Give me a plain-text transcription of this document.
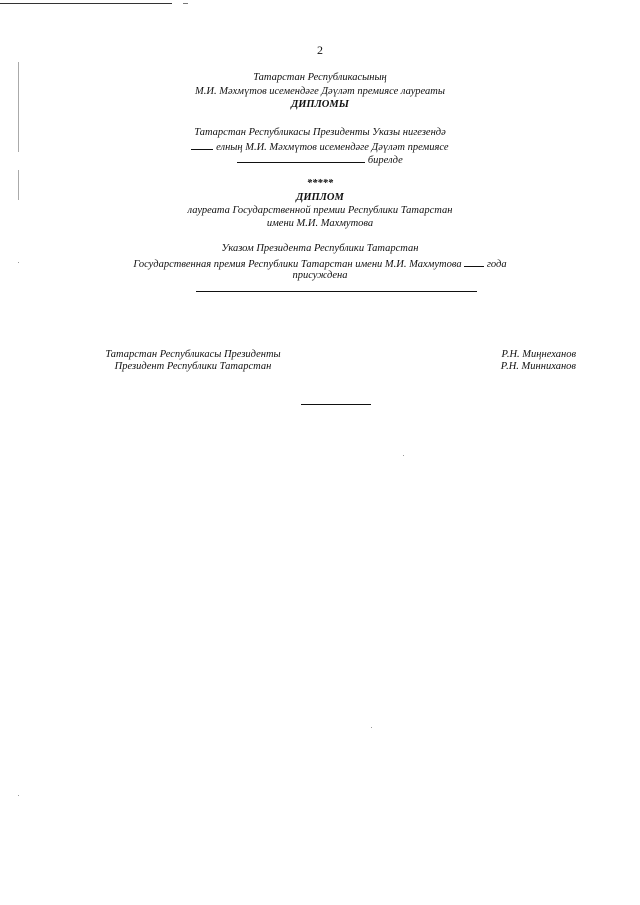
2
Татарстан Республикасының
М.И. Мәхмүтов исемендәге Дәүләт премиясе лауреаты
ДИПЛОМЫ
Татарстан Республикасы Президенты Указы нигезендә
елның М.И. Мәхмүтов исемендәге Дәүләт премиясе
бирелде
*****
ДИПЛОМ
лауреата Государственной премии Республики Татарстан
имени М.И. Махмутова
Указом Президента Республики Татарстан
Государственная премия Республики Татарстан имени М.И. Махмутова года
присуждена
Татарстан Республикасы Президенты
Президент Республики Татарстан
Р.Н. Миңнеханов
Р.Н. Минниханов
